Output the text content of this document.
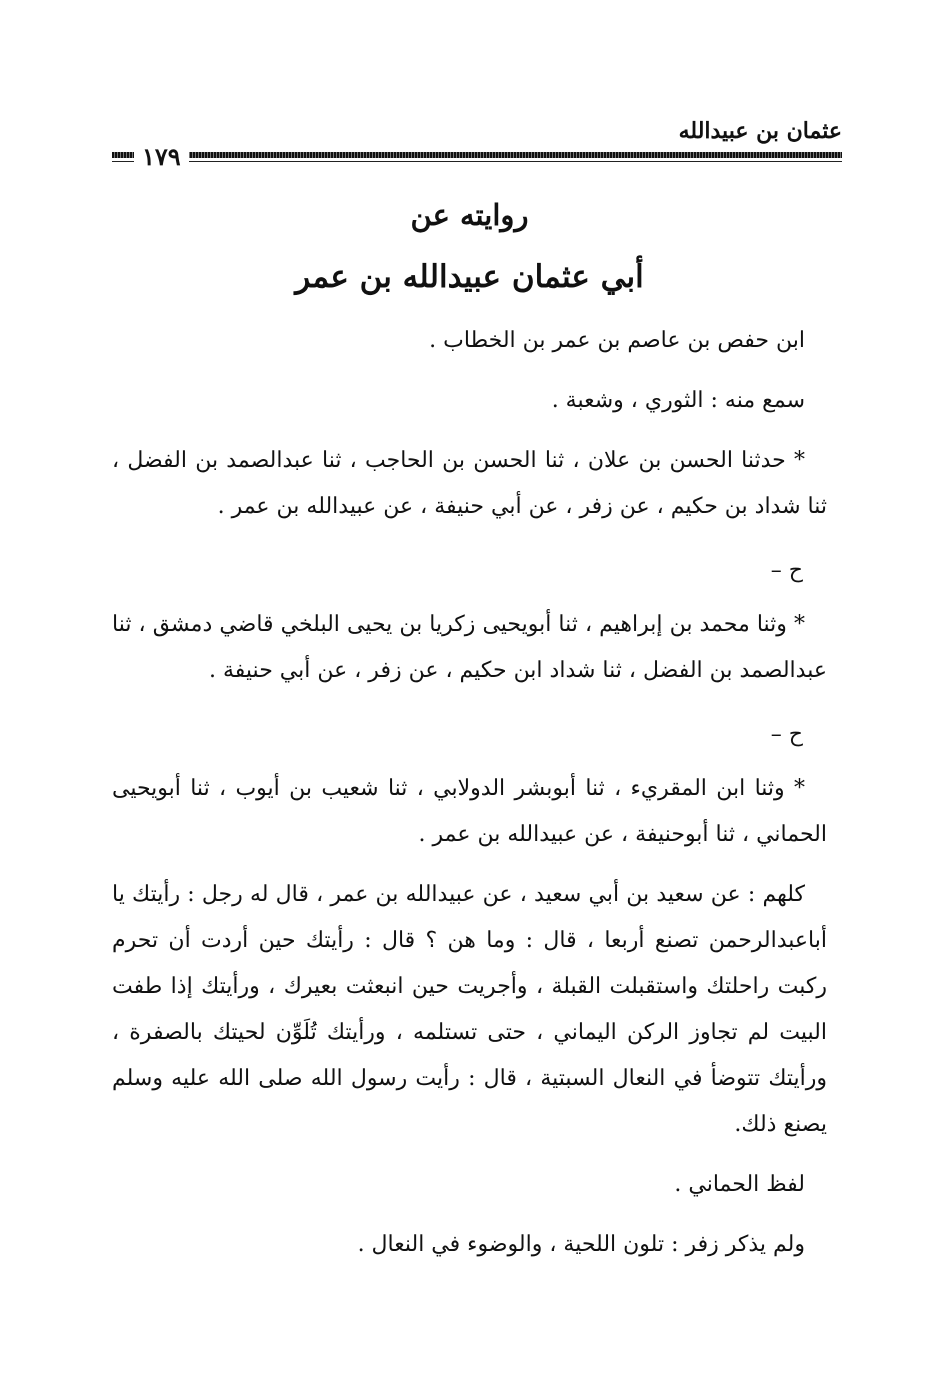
عثمان بن عبيدالله
١٧٩
روايته عن
أبي عثمان عبيدالله بن عمر

ابن حفص بن عاصم بن عمر بن الخطاب .

سمع منه : الثوري ، وشعبة .

* حدثنا الحسن بن علان ، ثنا الحسن بن الحاجب ، ثنا عبدالصمد بن الفضل ، ثنا شداد بن حكيم ، عن زفر ، عن أبي حنيفة ، عن عبيدالله بن عمر .

ح –

* وثنا محمد بن إبراهيم ، ثنا أبويحيى زكريا بن يحيى البلخي قاضي دمشق ، ثنا عبدالصمد بن الفضل ، ثنا شداد ابن حكيم ، عن زفر ، عن أبي حنيفة .

ح –

* وثنا ابن المقريء ، ثنا أبوبشر الدولابي ، ثنا شعيب بن أيوب ، ثنا أبويحيى الحماني ، ثنا أبوحنيفة ، عن عبيدالله بن عمر .

كلهم : عن سعيد بن أبي سعيد ، عن عبيدالله بن عمر ، قال له رجل : رأيتك يا أباعبدالرحمن تصنع أربعا ، قال : وما هن ؟ قال : رأيتك حين أردت أن تحرم ركبت راحلتك واستقبلت القبلة ، وأجريت حين انبعثت بعيرك ، ورأيتك إذا طفت البيت لم تجاوز الركن اليماني ، حتى تستلمه ، ورأيتك تُلَوِّن لحيتك بالصفرة ، ورأيتك تتوضأ في النعال السبتية ، قال : رأيت رسول الله صلى الله عليه وسلم يصنع ذلك.

لفظ الحماني .

ولم يذكر زفر : تلون اللحية ، والوضوء في النعال .
